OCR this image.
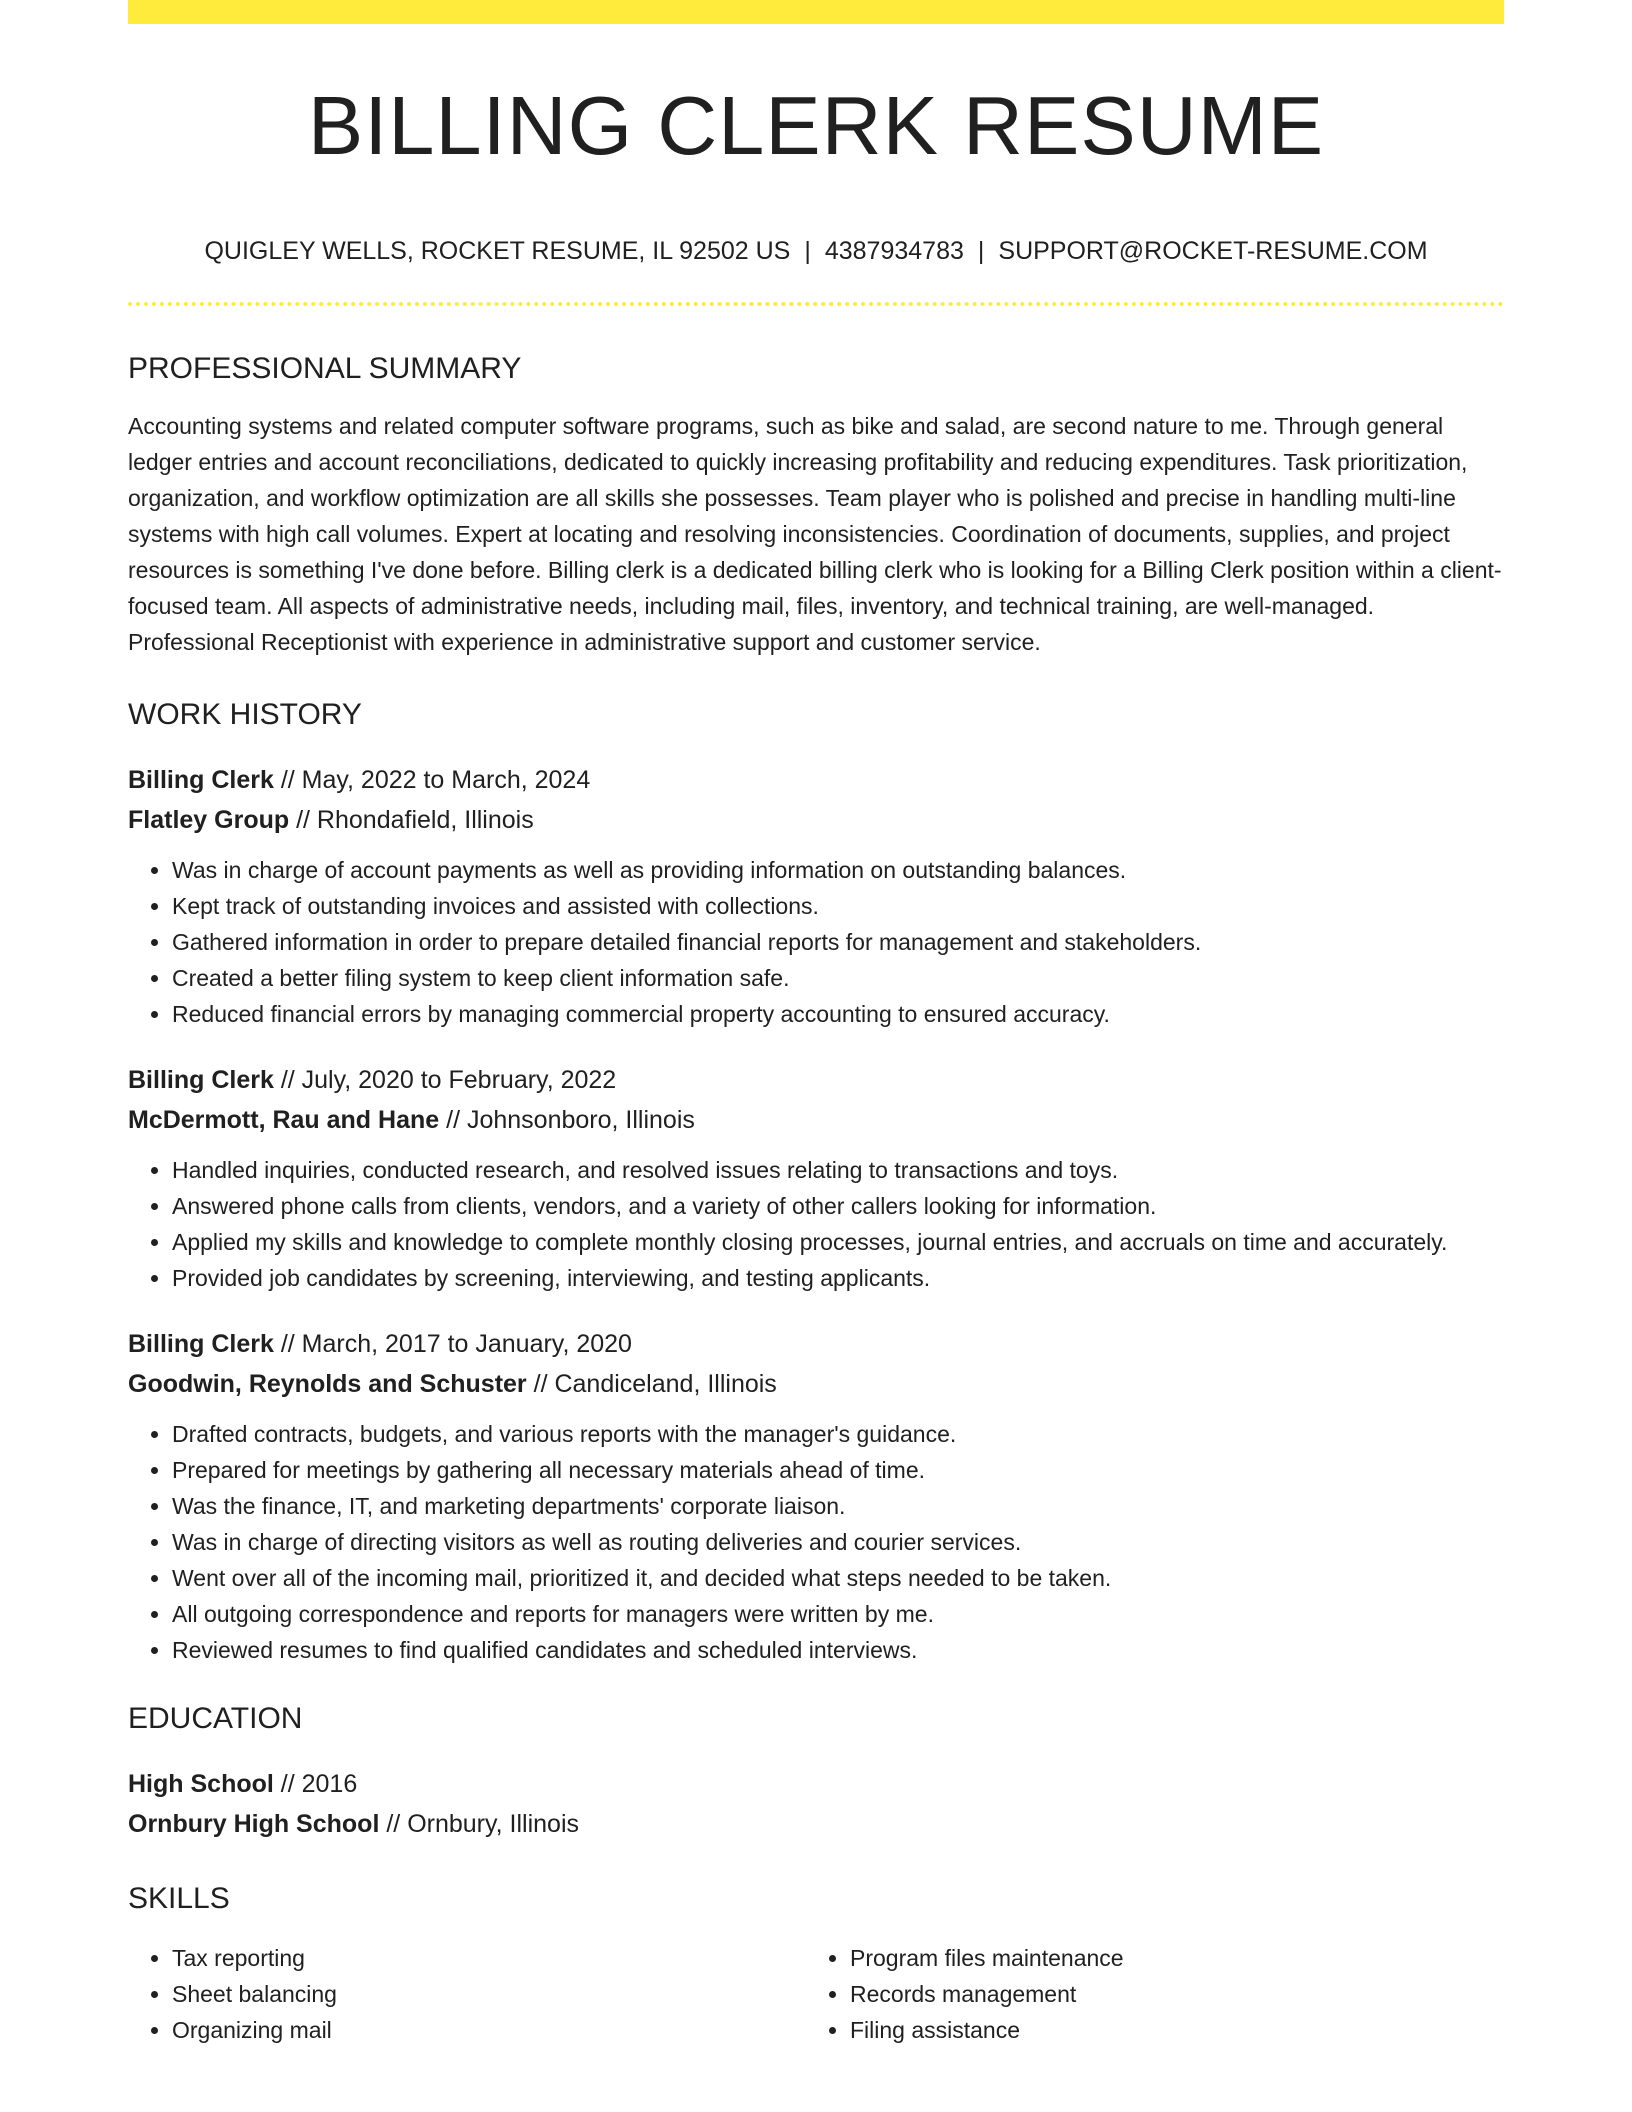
BILLING CLERK RESUME
QUIGLEY WELLS, ROCKET RESUME, IL 92502 US | 4387934783 | SUPPORT@ROCKET-RESUME.COM
PROFESSIONAL SUMMARY
Accounting systems and related computer software programs, such as bike and salad, are second nature to me. Through general ledger entries and account reconciliations, dedicated to quickly increasing profitability and reducing expenditures. Task prioritization, organization, and workflow optimization are all skills she possesses. Team player who is polished and precise in handling multi-line systems with high call volumes. Expert at locating and resolving inconsistencies. Coordination of documents, supplies, and project resources is something I've done before. Billing clerk is a dedicated billing clerk who is looking for a Billing Clerk position within a client-focused team. All aspects of administrative needs, including mail, files, inventory, and technical training, are well-managed. Professional Receptionist with experience in administrative support and customer service.
WORK HISTORY
Billing Clerk // May, 2022 to March, 2024
Flatley Group // Rhondafield, Illinois
• Was in charge of account payments as well as providing information on outstanding balances.
• Kept track of outstanding invoices and assisted with collections.
• Gathered information in order to prepare detailed financial reports for management and stakeholders.
• Created a better filing system to keep client information safe.
• Reduced financial errors by managing commercial property accounting to ensured accuracy.
Billing Clerk // July, 2020 to February, 2022
McDermott, Rau and Hane // Johnsonboro, Illinois
• Handled inquiries, conducted research, and resolved issues relating to transactions and toys.
• Answered phone calls from clients, vendors, and a variety of other callers looking for information.
• Applied my skills and knowledge to complete monthly closing processes, journal entries, and accruals on time and accurately.
• Provided job candidates by screening, interviewing, and testing applicants.
Billing Clerk // March, 2017 to January, 2020
Goodwin, Reynolds and Schuster // Candiceland, Illinois
• Drafted contracts, budgets, and various reports with the manager's guidance.
• Prepared for meetings by gathering all necessary materials ahead of time.
• Was the finance, IT, and marketing departments' corporate liaison.
• Was in charge of directing visitors as well as routing deliveries and courier services.
• Went over all of the incoming mail, prioritized it, and decided what steps needed to be taken.
• All outgoing correspondence and reports for managers were written by me.
• Reviewed resumes to find qualified candidates and scheduled interviews.
EDUCATION
High School // 2016
Ornbury High School // Ornbury, Illinois
SKILLS
• Tax reporting
• Sheet balancing
• Organizing mail
• Program files maintenance
• Records management
• Filing assistance
